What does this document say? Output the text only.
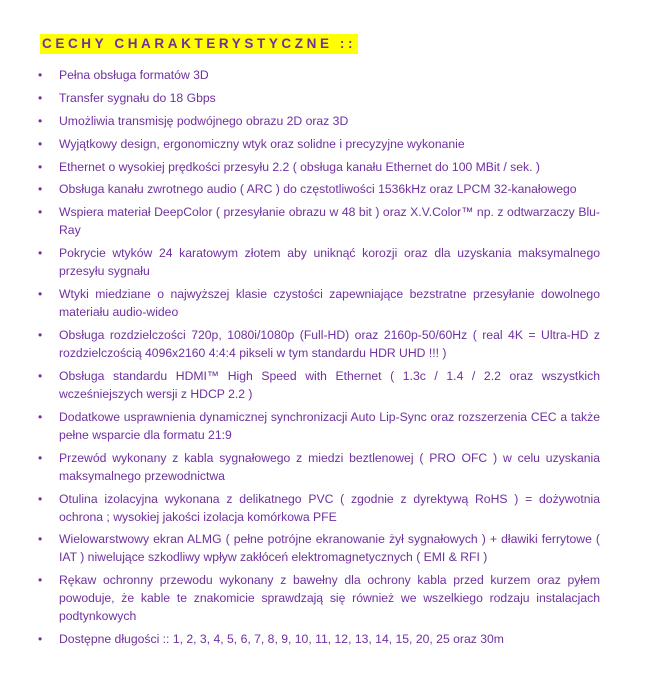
CECHY CHARAKTERYSTYCZNE ::
•	Pełna obsługa formatów 3D
•	Transfer sygnału do 18 Gbps
•	Umożliwia transmisję podwójnego obrazu 2D oraz 3D
•	Wyjątkowy design, ergonomiczny wtyk oraz solidne i precyzyjne wykonanie
•	Ethernet o wysokiej prędkości przesyłu 2.2 ( obsługa kanału Ethernet do 100 MBit / sek. )
•	Obsługa kanału zwrotnego audio ( ARC ) do częstotliwości 1536kHz oraz LPCM 32-kanałowego
•	Wspiera materiał DeepColor ( przesyłanie obrazu w 48 bit ) oraz X.V.Color™ np. z odtwarzaczy Blu-Ray
•	Pokrycie wtyków 24 karatowym złotem aby uniknąć korozji oraz dla uzyskania maksymalnego przesyłu sygnału
•	Wtyki miedziane o najwyższej klasie czystości zapewniające bezstratne przesyłanie dowolnego materiału audio-wideo
•	Obsługa rozdzielczości 720p, 1080i/1080p (Full-HD) oraz 2160p-50/60Hz ( real 4K = Ultra-HD z rozdzielczością 4096x2160 4:4:4 pikseli w tym standardu HDR UHD !!! )
•	Obsługa standardu HDMI™ High Speed with Ethernet ( 1.3c / 1.4 / 2.2 oraz wszystkich wcześniejszych wersji z HDCP 2.2 )
•	Dodatkowe usprawnienia dynamicznej synchronizacji Auto Lip-Sync oraz rozszerzenia CEC a także pełne wsparcie dla formatu 21:9
•	Przewód wykonany z kabla sygnałowego z miedzi beztlenowej ( PRO OFC ) w celu uzyskania maksymalnego przewodnictwa
•	Otulina izolacyjna wykonana z delikatnego PVC ( zgodnie z dyrektywą RoHS ) = dożywotnia ochrona ; wysokiej jakości izolacja komórkowa PFE
•	Wielowarstwowy ekran ALMG ( pełne potrójne ekranowanie żył sygnałowych ) + dławiki ferrytowe ( IAT ) niwelujące szkodliwy wpływ zakłóceń elektromagnetycznych ( EMI & RFI )
•	Rękaw ochronny przewodu wykonany z bawełny dla ochrony kabla przed kurzem oraz pyłem powoduje, że kable te znakomicie sprawdzają się również we wszelkiego rodzaju instalacjach podtynkowych
•	Dostępne długości :: 1, 2, 3, 4, 5, 6, 7, 8, 9, 10, 11, 12, 13, 14, 15, 20, 25 oraz 30m
